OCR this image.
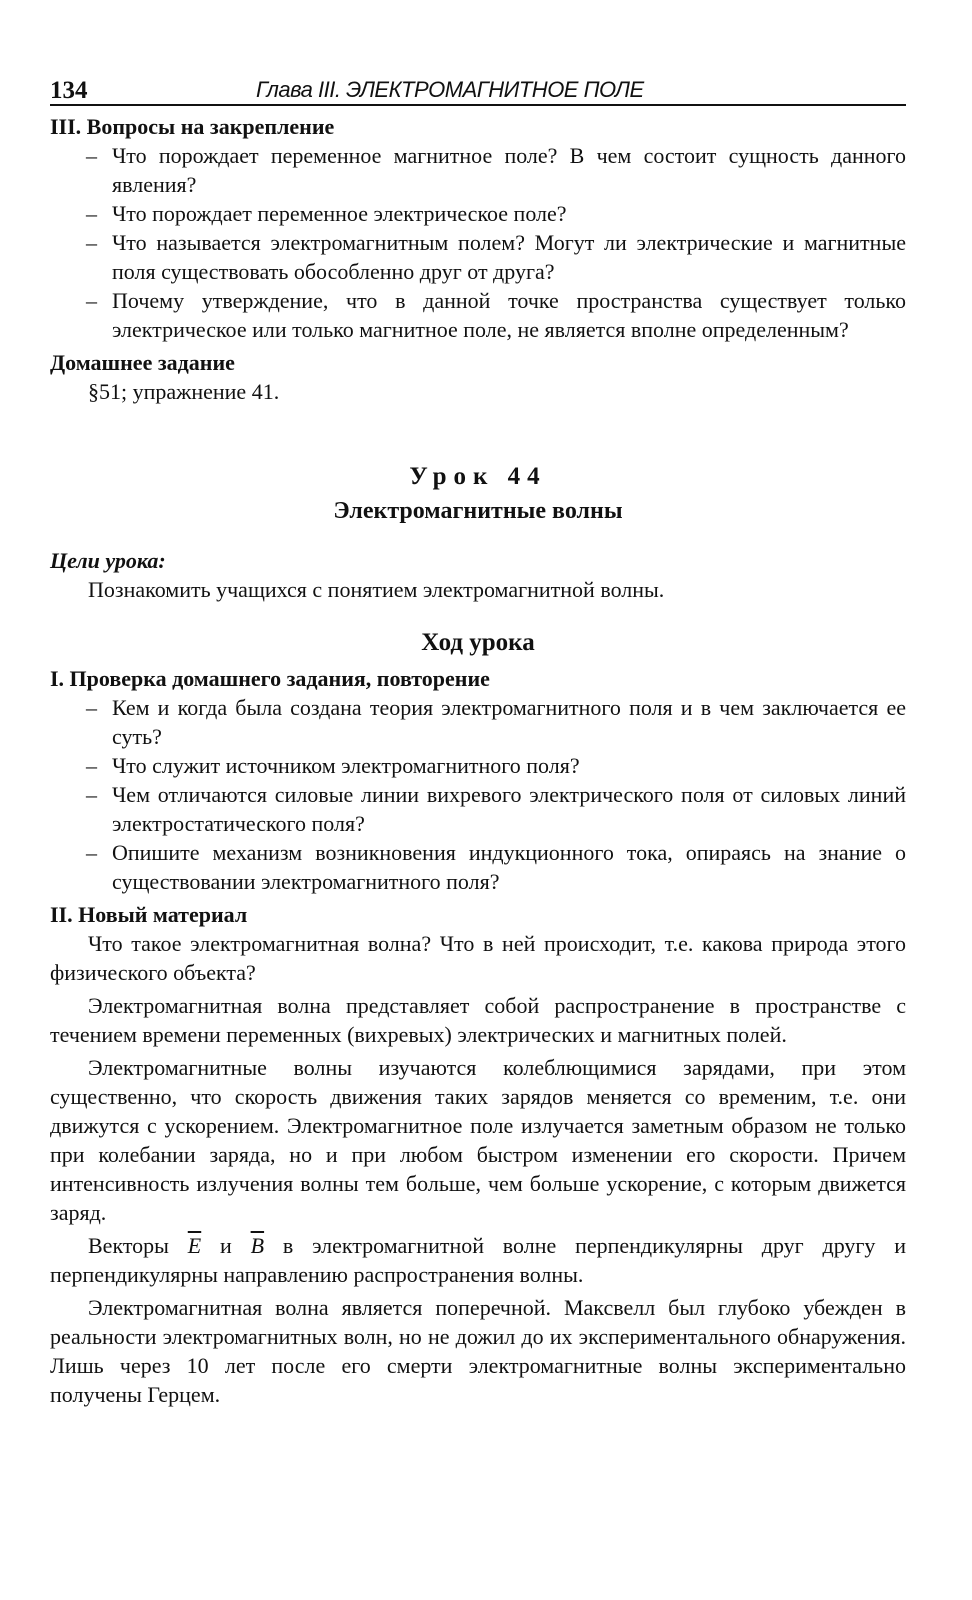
134	Глава III. ЭЛЕКТРОМАГНИТНОЕ ПОЛЕ

III. Вопросы на закрепление

– Что порождает переменное магнитное поле? В чем состоит сущность данного явления?
– Что порождает переменное электрическое поле?
– Что называется электромагнитным полем? Могут ли электрические и магнитные поля существовать обособленно друг от друга?
– Почему утверждение, что в данной точке пространства существует только электрическое или только магнитное поле, не является вполне определенным?

Домашнее задание

§51; упражнение 41.

Урок 44

Электромагнитные волны

Цели урока:

Познакомить учащихся с понятием электромагнитной волны.

Ход урока

I. Проверка домашнего задания, повторение

– Кем и когда была создана теория электромагнитного поля и в чем заключается ее суть?
– Что служит источником электромагнитного поля?
– Чем отличаются силовые линии вихревого электрического поля от силовых линий электростатического поля?
– Опишите механизм возникновения индукционного тока, опираясь на знание о существовании электромагнитного поля?

II. Новый материал

Что такое электромагнитная волна? Что в ней происходит, т.е. какова природа этого физического объекта?

Электромагнитная волна представляет собой распространение в пространстве с течением времени переменных (вихревых) электрических и магнитных полей.

Электромагнитные волны изучаются колеблющимися зарядами, при этом существенно, что скорость движения таких зарядов меняется со временим, т.е. они движутся с ускорением. Электромагнитное поле излучается заметным образом не только при колебании заряда, но и при любом быстром изменении его скорости. Причем интенсивность излучения волны тем больше, чем больше ускорение, с которым движется заряд.

Векторы $\overline{E}$ и $\overline{B}$ в электромагнитной волне перпендикулярны друг другу и перпендикулярны направлению распространения волны.

Электромагнитная волна является поперечной. Максвелл был глубоко убежден в реальности электромагнитных волн, но не дожил до их экспериментального обнаружения. Лишь через 10 лет после его смерти электромагнитные волны экспериментально получены Герцем.
